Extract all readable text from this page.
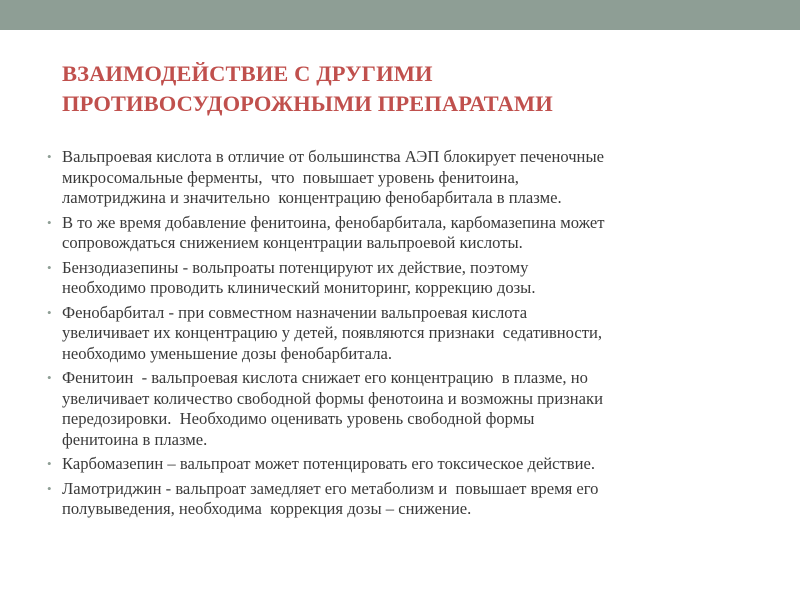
ВЗАИМОДЕЙСТВИЕ С ДРУГИМИ
ПРОТИВОСУДОРОЖНЫМИ ПРЕПАРАТАМИ
• Вальпроевая кислота в отличие от большинства АЭП блокирует печеночные
микросомальные ферменты,  что  повышает уровень фенитоина,
ламотриджина и значительно  концентрацию фенобарбитала в плазме.
• В то же время добавление фенитоина, фенобарбитала, карбомазепина может
сопровождаться снижением концентрации вальпроевой кислоты.
• Бензодиазепины - вольпроаты потенцируют их действие, поэтому
необходимо проводить клинический мониторинг, коррекцию дозы.
• Фенобарбитал - при совместном назначении вальпроевая кислота
увеличивает их концентрацию у детей, появляются признаки  седативности,
необходимо уменьшение дозы фенобарбитала.
• Фенитоин  - вальпроевая кислота снижает его концентрацию  в плазме, но
увеличивает количество свободной формы фенотоина и возможны признаки
передозировки.  Необходимо оценивать уровень свободной формы
фенитоина в плазме.
• Карбомазепин – вальпроат может потенцировать его токсическое действие.
• Ламотриджин - вальпроат замедляет его метаболизм и  повышает время его
полувыведения, необходима  коррекция дозы – снижение.
